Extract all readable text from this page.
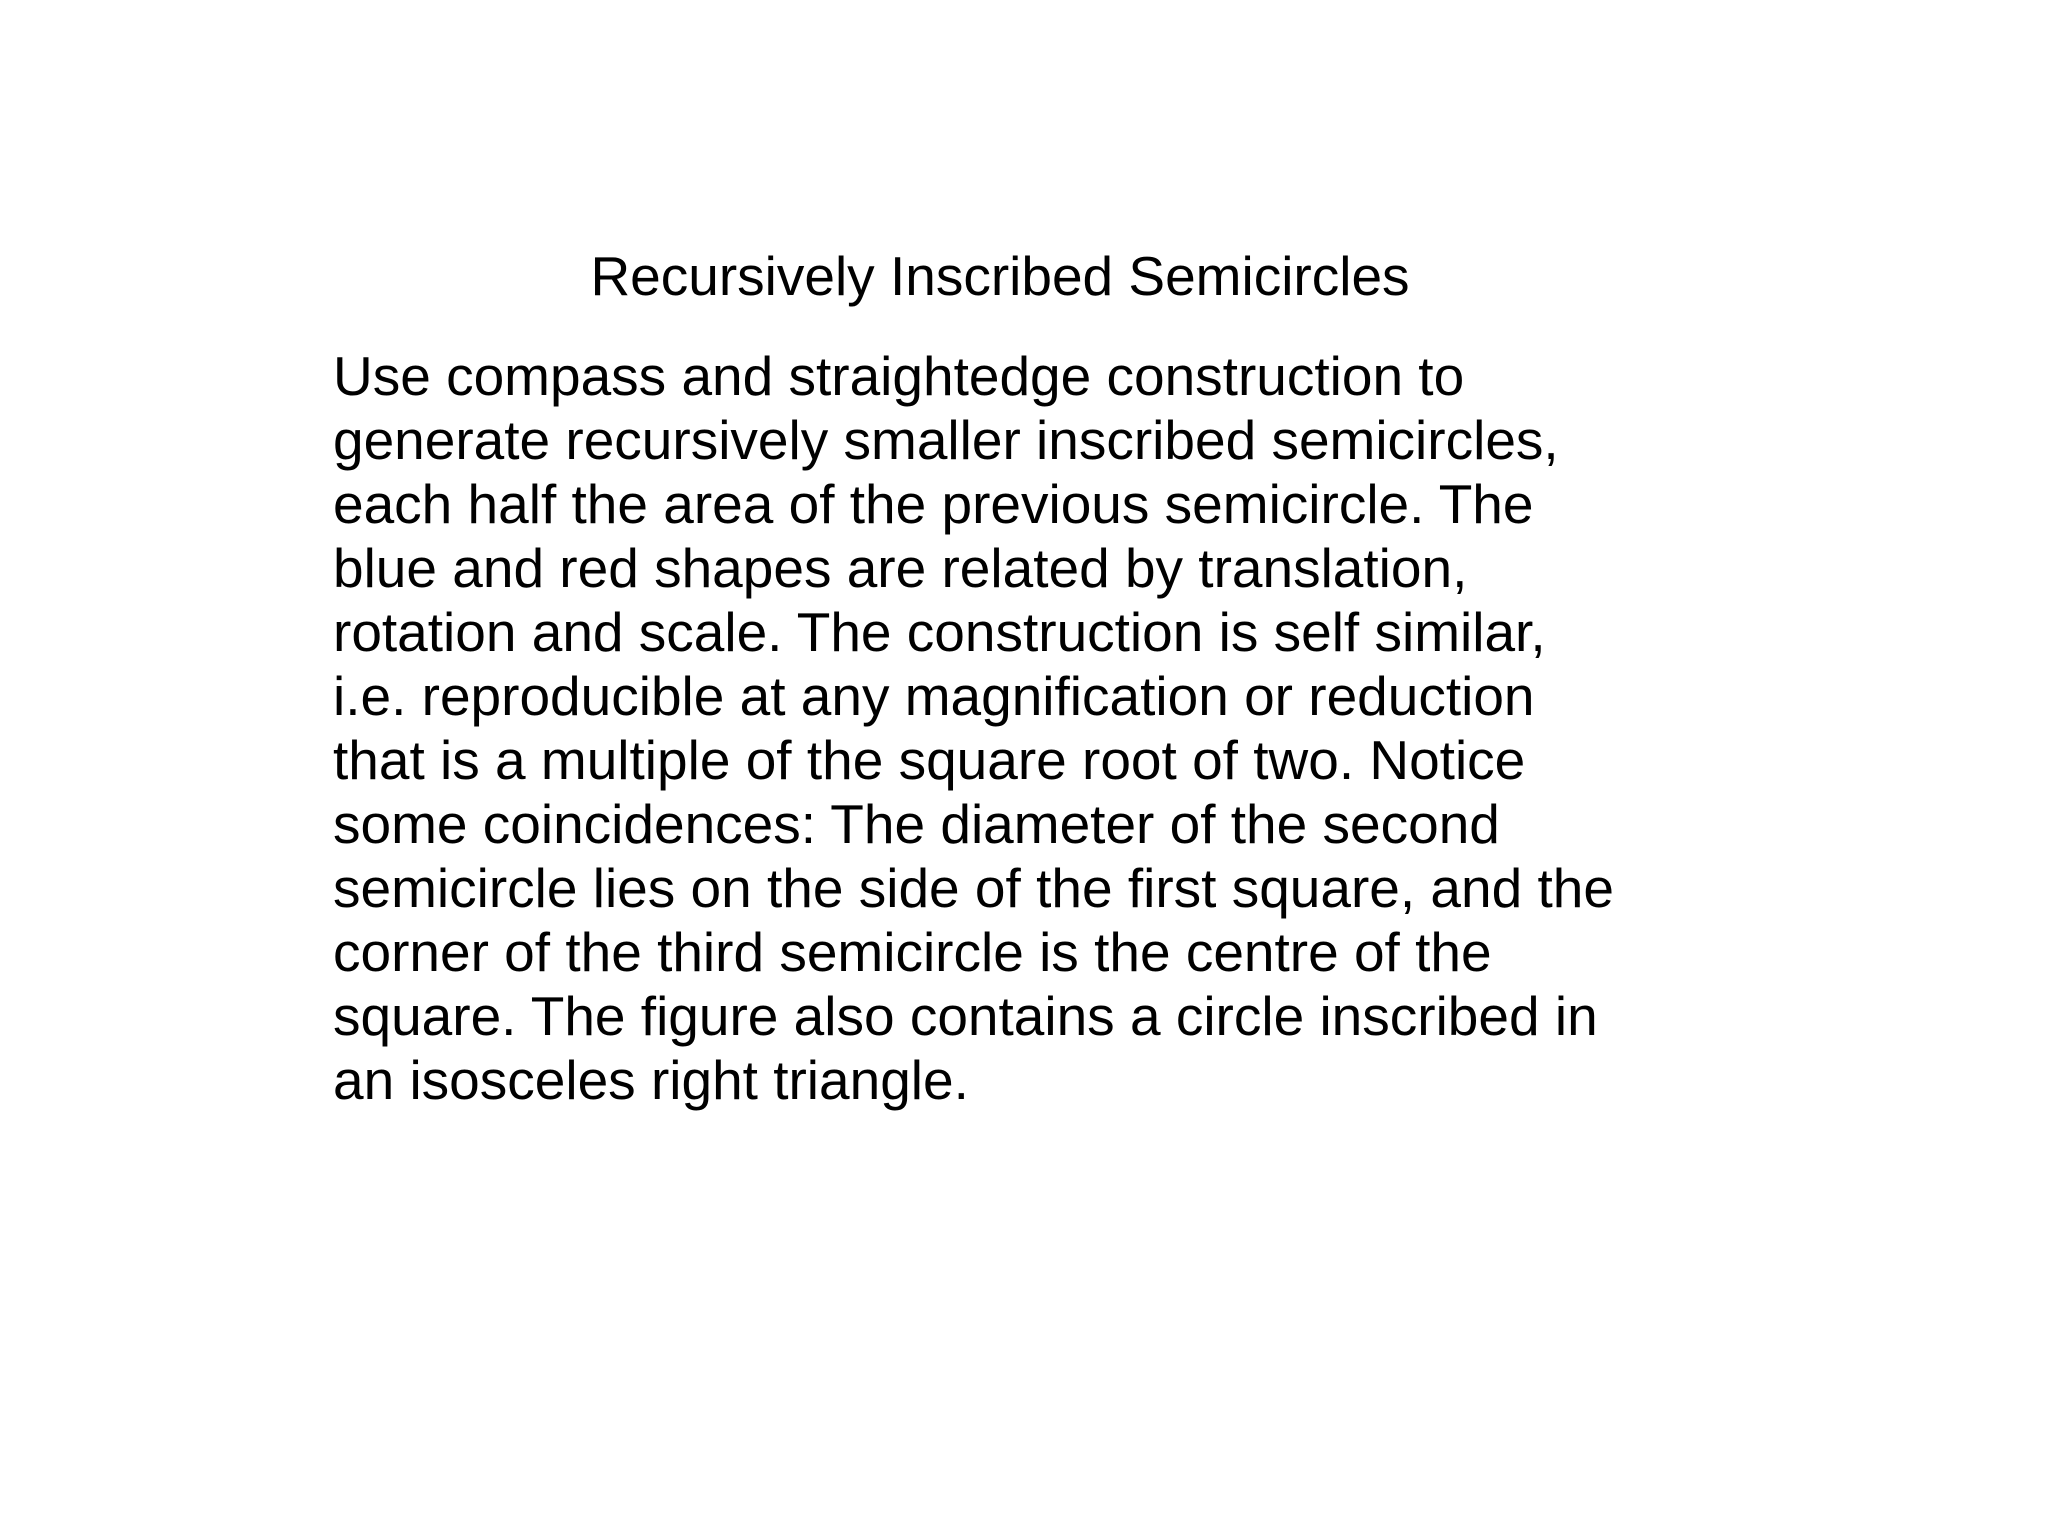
Recursively Inscribed Semicircles
Use compass and straightedge construction to
generate recursively smaller inscribed semicircles,
each half the area of the previous semicircle. The
blue and red shapes are related by translation,
rotation and scale. The construction is self similar,
i.e. reproducible at any magnification or reduction
that is a multiple of the square root of two. Notice
some coincidences: The diameter of the second
semicircle lies on the side of the first square, and the
corner of the third semicircle is the centre of the
square. The figure also contains a circle inscribed in
an isosceles right triangle.
